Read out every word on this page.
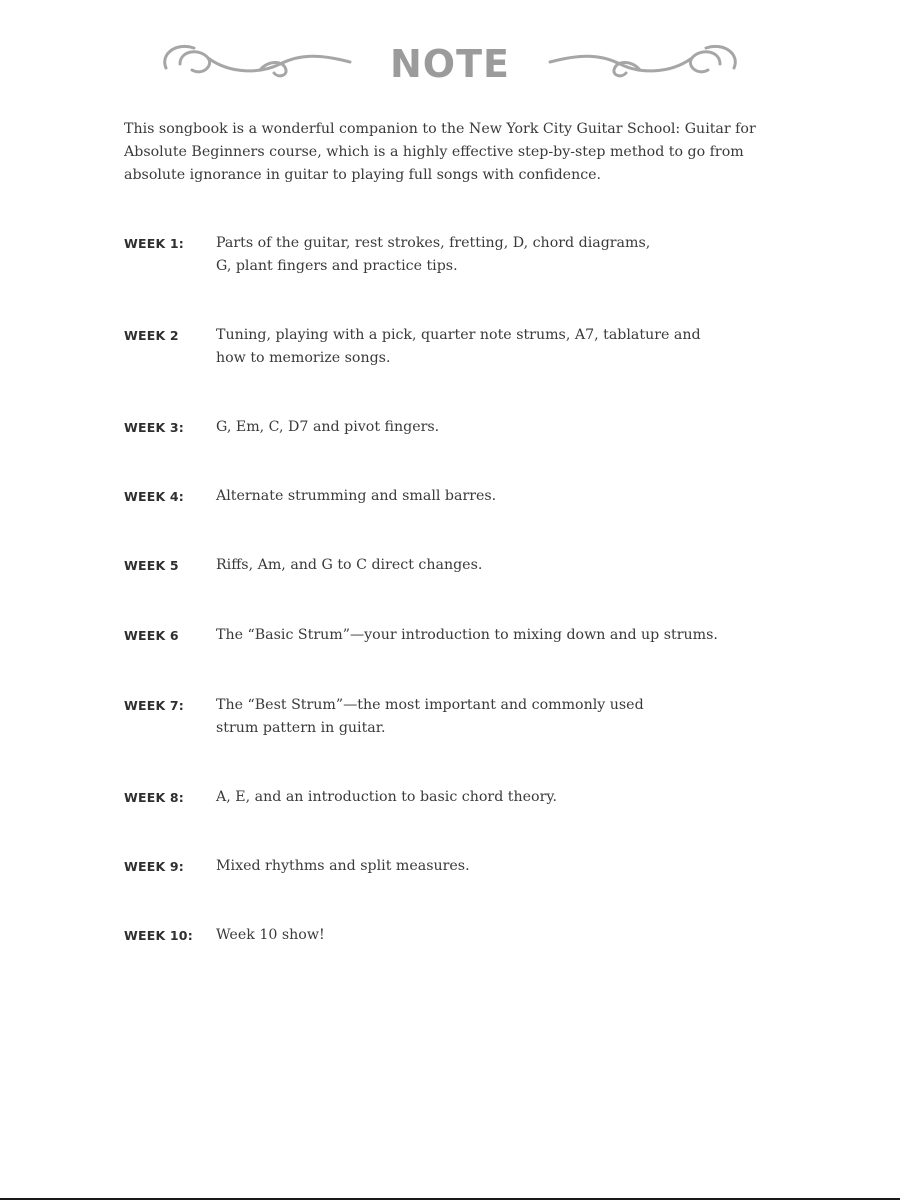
NOTE

This songbook is a wonderful companion to the New York City Guitar School: Guitar for Absolute Beginners course, which is a highly effective step-by-step method to go from absolute ignorance in guitar to playing full songs with confidence.

WEEK 1:	Parts of the guitar, rest strokes, fretting, D, chord diagrams,
G, plant fingers and practice tips.
WEEK 2	Tuning, playing with a pick, quarter note strums, A7, tablature and
how to memorize songs.
WEEK 3:	G, Em, C, D7 and pivot fingers.
WEEK 4:	Alternate strumming and small barres.
WEEK 5	Riffs, Am, and G to C direct changes.
WEEK 6	The “Basic Strum”—your introduction to mixing down and up strums.
WEEK 7:	The “Best Strum”—the most important and commonly used
strum pattern in guitar.
WEEK 8:	A, E, and an introduction to basic chord theory.
WEEK 9:	Mixed rhythms and split measures.
WEEK 10:	Week 10 show!
